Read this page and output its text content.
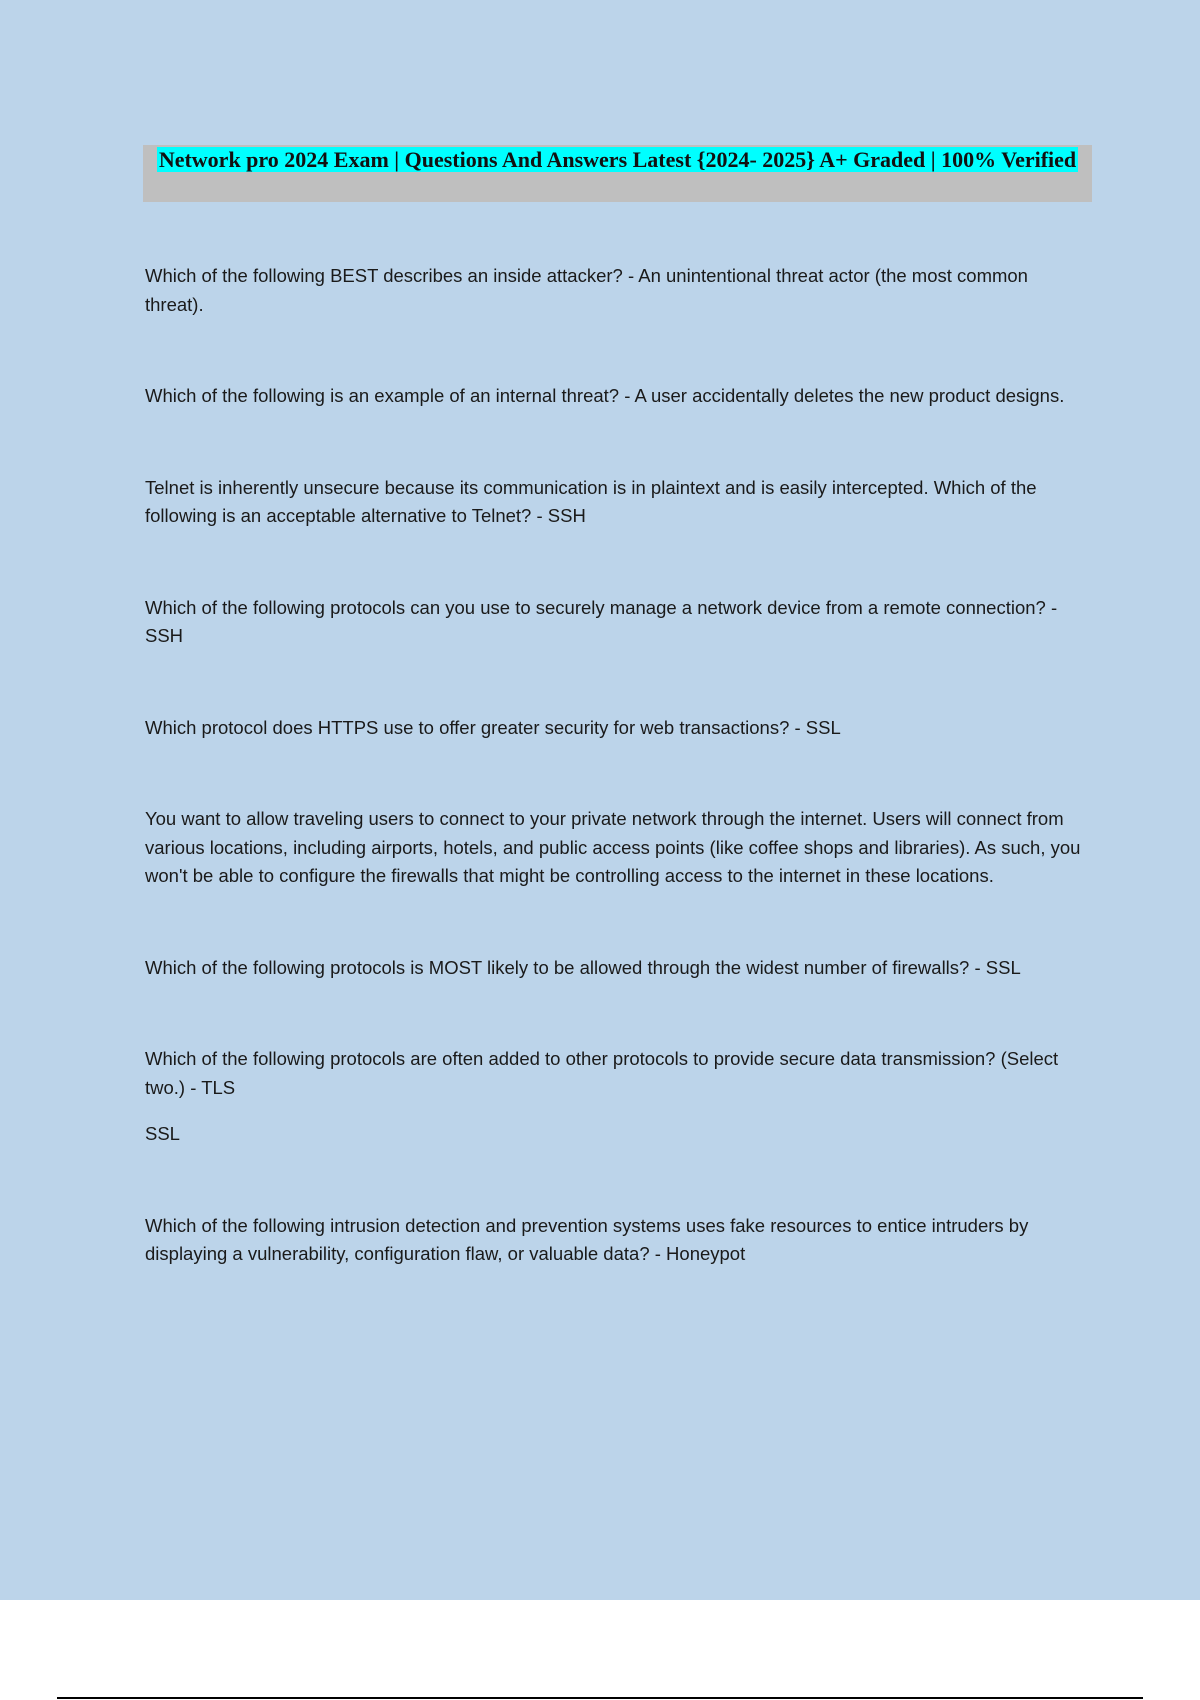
Network pro 2024 Exam | Questions And Answers Latest {2024- 2025} A+ Graded | 100% Verified
Which of the following BEST describes an inside attacker? - An unintentional threat actor (the most common threat).
Which of the following is an example of an internal threat? - A user accidentally deletes the new product designs.
Telnet is inherently unsecure because its communication is in plaintext and is easily intercepted. Which of the following is an acceptable alternative to Telnet? - SSH
Which of the following protocols can you use to securely manage a network device from a remote connection? - SSH
Which protocol does HTTPS use to offer greater security for web transactions? - SSL
You want to allow traveling users to connect to your private network through the internet. Users will connect from various locations, including airports, hotels, and public access points (like coffee shops and libraries). As such, you won't be able to configure the firewalls that might be controlling access to the internet in these locations.
Which of the following protocols is MOST likely to be allowed through the widest number of firewalls? - SSL
Which of the following protocols are often added to other protocols to provide secure data transmission? (Select two.) - TLS
SSL
Which of the following intrusion detection and prevention systems uses fake resources to entice intruders by displaying a vulnerability, configuration flaw, or valuable data? - Honeypot
